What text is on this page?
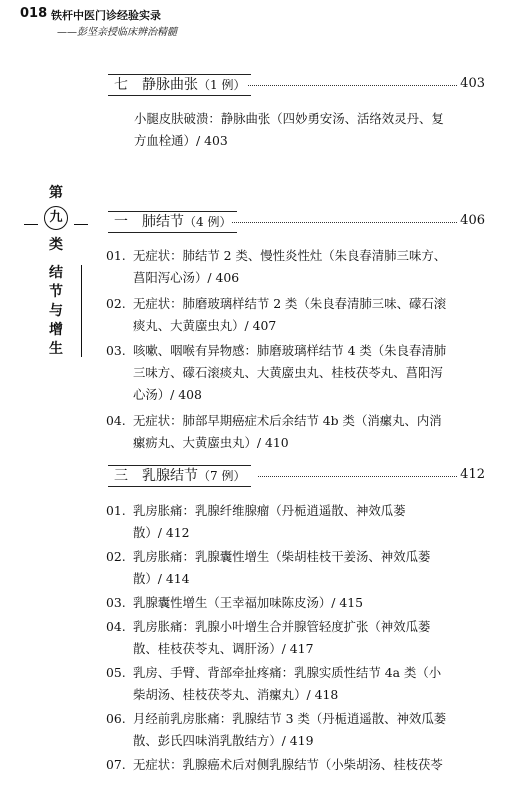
018 铁杆中医门诊经验实录
——彭坚亲授临床辨治精髓
第
九
类
结
节
与
增
生
七　静脉曲张（1 例）	403
小腿皮肤破溃：静脉曲张（四妙勇安汤、活络效灵丹、复
方血栓通）/ 403
一　肺结节（4 例）	406
01. 无症状：肺结节 2 类、慢性炎性灶（朱良春清肺三味方、
菖阳泻心汤）/ 406
02. 无症状：肺磨玻璃样结节 2 类（朱良春清肺三味、礞石滚
痰丸、大黄䗪虫丸）/ 407
03. 咳嗽、咽喉有异物感：肺磨玻璃样结节 4 类（朱良春清肺
三味方、礞石滚痰丸、大黄䗪虫丸、桂枝茯苓丸、菖阳泻
心汤）/ 408
04. 无症状：肺部早期癌症术后余结节 4b 类（消瘰丸、内消
瘰疬丸、大黄䗪虫丸）/ 410
三　乳腺结节（7 例）	412
01. 乳房胀痛：乳腺纤维腺瘤（丹栀逍遥散、神效瓜蒌
散）/ 412
02. 乳房胀痛：乳腺囊性增生（柴胡桂枝干姜汤、神效瓜蒌
散）/ 414
03. 乳腺囊性增生（王幸福加味陈皮汤）/ 415
04. 乳房胀痛：乳腺小叶增生合并腺管轻度扩张（神效瓜蒌
散、桂枝茯苓丸、调肝汤）/ 417
05. 乳房、手臂、背部牵扯疼痛：乳腺实质性结节 4a 类（小
柴胡汤、桂枝茯苓丸、消瘰丸）/ 418
06. 月经前乳房胀痛：乳腺结节 3 类（丹栀逍遥散、神效瓜蒌
散、彭氏四味消乳散结方）/ 419
07. 无症状：乳腺癌术后对侧乳腺结节（小柴胡汤、桂枝茯苓
